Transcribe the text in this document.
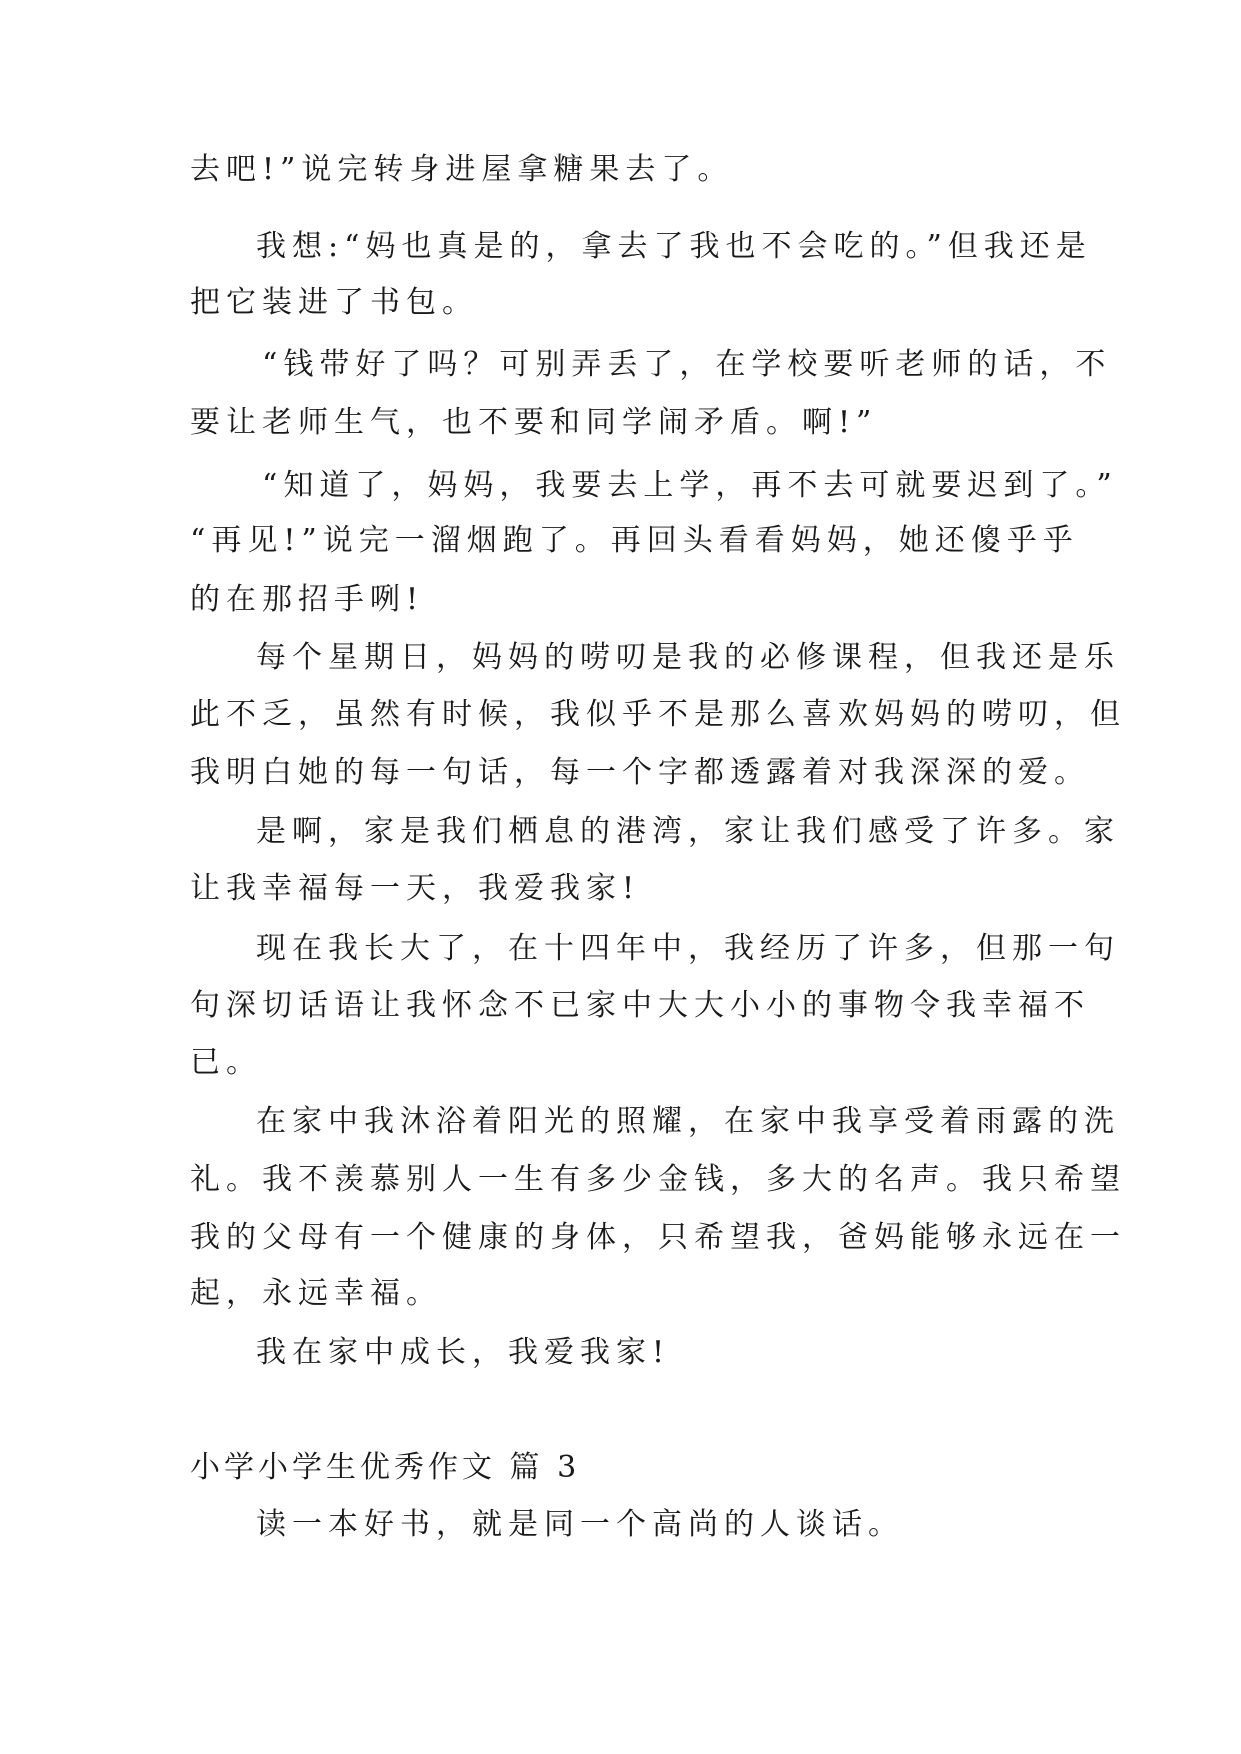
去吧!”说完转身进屋拿糖果去了。
我想:“妈也真是的，拿去了我也不会吃的。”但我还是
把它装进了书包。
“钱带好了吗？可别弄丢了，在学校要听老师的话，不
要让老师生气，也不要和同学闹矛盾。啊!”
“知道了，妈妈，我要去上学，再不去可就要迟到了。”
“再见!”说完一溜烟跑了。再回头看看妈妈，她还傻乎乎
的在那招手咧!
每个星期日，妈妈的唠叨是我的必修课程，但我还是乐
此不乏，虽然有时候，我似乎不是那么喜欢妈妈的唠叨，但
我明白她的每一句话，每一个字都透露着对我深深的爱。
是啊，家是我们栖息的港湾，家让我们感受了许多。家
让我幸福每一天，我爱我家!
现在我长大了，在十四年中，我经历了许多，但那一句
句深切话语让我怀念不已家中大大小小的事物令我幸福不
已。
在家中我沐浴着阳光的照耀，在家中我享受着雨露的洗
礼。我不羡慕别人一生有多少金钱，多大的名声。我只希望
我的父母有一个健康的身体，只希望我，爸妈能够永远在一
起，永远幸福。
我在家中成长，我爱我家!
小学小学生优秀作文 篇 3
读一本好书，就是同一个高尚的人谈话。
